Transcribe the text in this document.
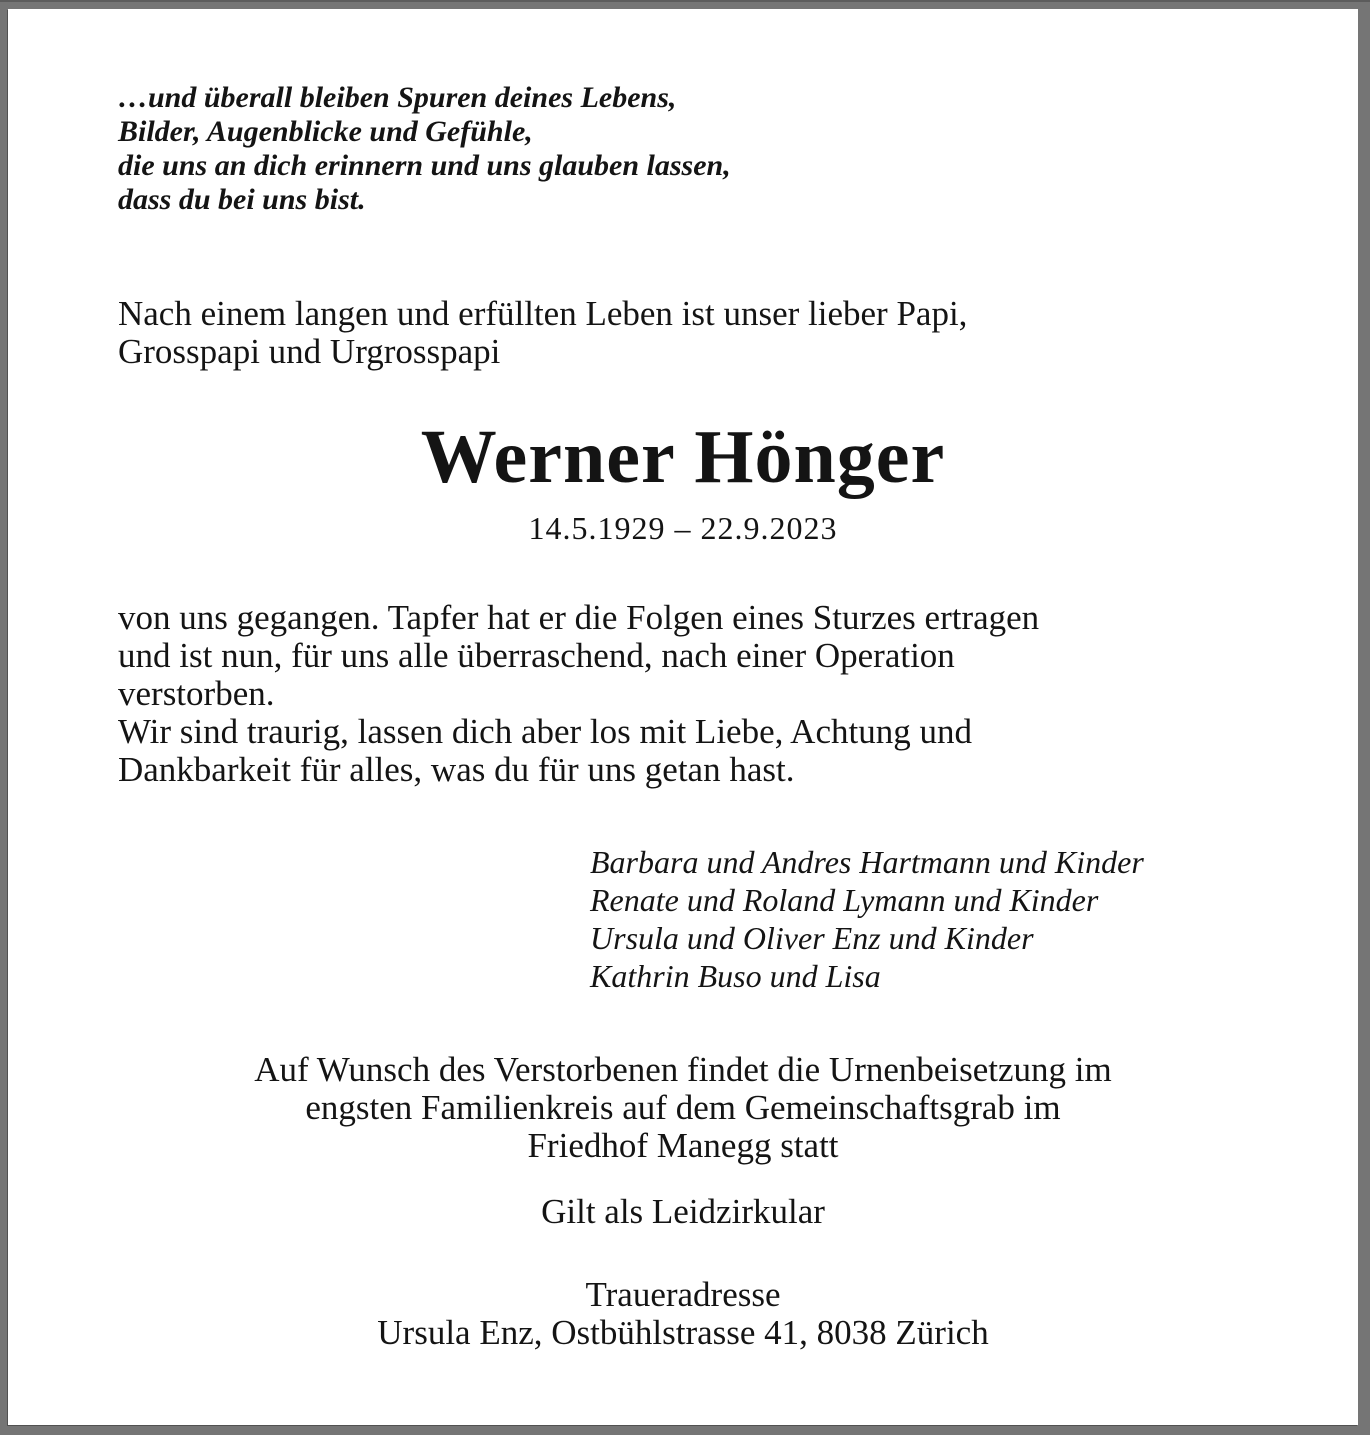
…und überall bleiben Spuren deines Lebens,
Bilder, Augenblicke und Gefühle,
die uns an dich erinnern und uns glauben lassen,
dass du bei uns bist.
Nach einem langen und erfüllten Leben ist unser lieber Papi,
Grosspapi und Urgrosspapi
Werner Hönger
14.5.1929 – 22.9.2023
von uns gegangen. Tapfer hat er die Folgen eines Sturzes ertragen
und ist nun, für uns alle überraschend, nach einer Operation
verstorben.
Wir sind traurig, lassen dich aber los mit Liebe, Achtung und
Dankbarkeit für alles, was du für uns getan hast.
Barbara und Andres Hartmann und Kinder
Renate und Roland Lymann und Kinder
Ursula und Oliver Enz und Kinder
Kathrin Buso und Lisa
Auf Wunsch des Verstorbenen findet die Urnenbeisetzung im
engsten Familienkreis auf dem Gemeinschaftsgrab im
Friedhof Manegg statt
Gilt als Leidzirkular
Traueradresse
Ursula Enz, Ostbühlstrasse 41, 8038 Zürich
